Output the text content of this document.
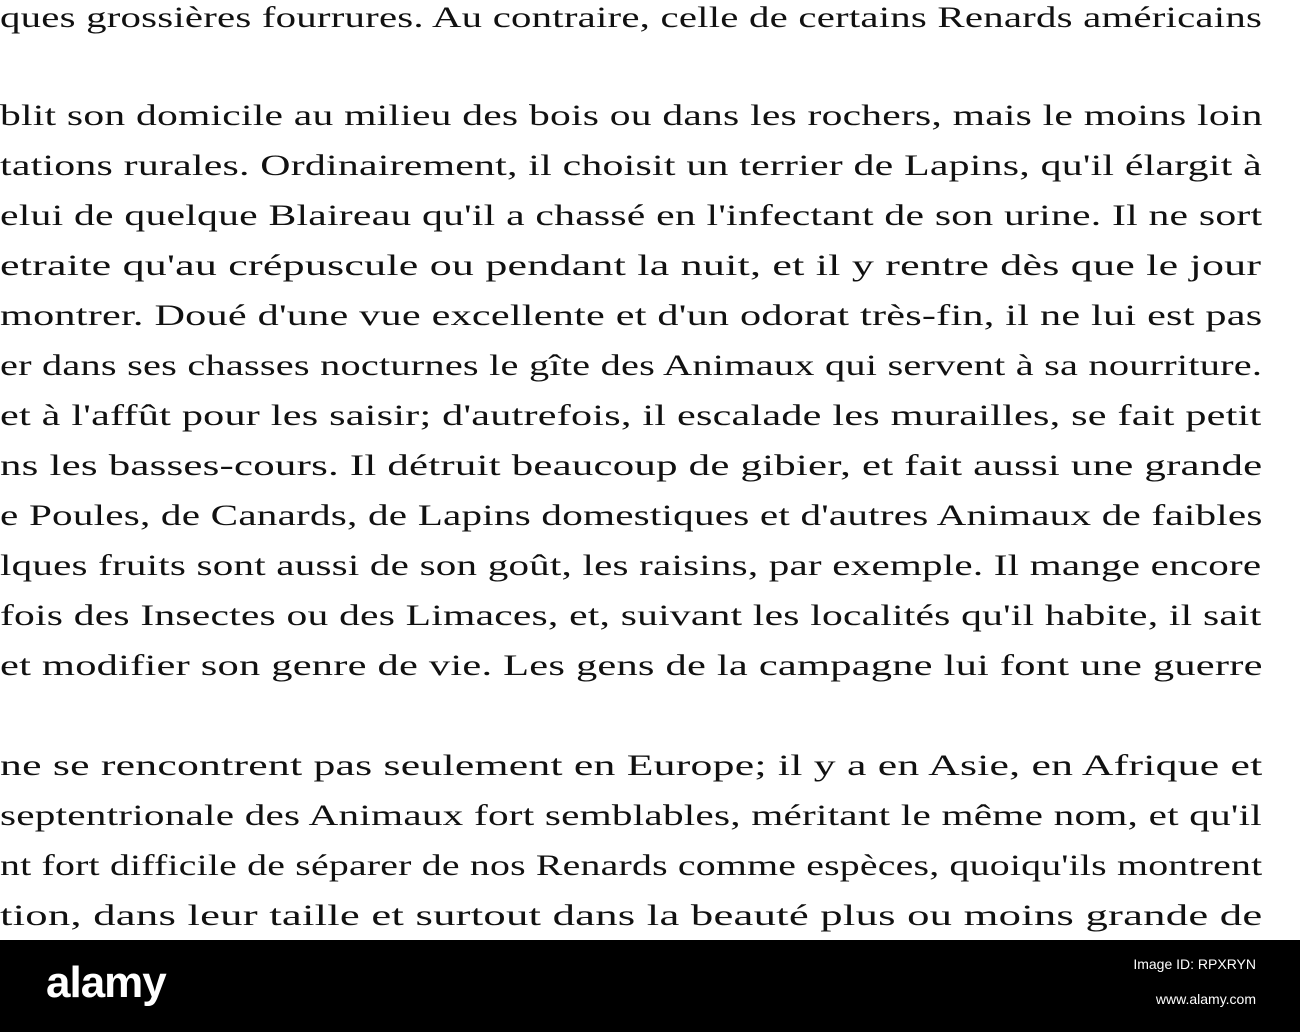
ques grossières fourrures. Au contraire, celle de certains Renards américains
blit son domicile au milieu des bois ou dans les rochers, mais le moins loin
tations rurales. Ordinairement, il choisit un terrier de Lapins, qu'il élargit à
elui de quelque Blaireau qu'il a chassé en l'infectant de son urine. Il ne sort
etraite qu'au crépuscule ou pendant la nuit, et il y rentre dès que le jour
montrer. Doué d'une vue excellente et d'un odorat très-fin, il ne lui est pas
er dans ses chasses nocturnes le gîte des Animaux qui servent à sa nourriture.
et à l'affût pour les saisir; d'autrefois, il escalade les murailles, se fait petit
ns les basses-cours. Il détruit beaucoup de gibier, et fait aussi une grande
e Poules, de Canards, de Lapins domestiques et d'autres Animaux de faibles
lques fruits sont aussi de son goût, les raisins, par exemple. Il mange encore
fois des Insectes ou des Limaces, et, suivant les localités qu'il habite, il sait
et modifier son genre de vie. Les gens de la campagne lui font une guerre
ne se rencontrent pas seulement en Europe; il y a en Asie, en Afrique et
septentrionale des Animaux fort semblables, méritant le même nom, et qu'il
nt fort difficile de séparer de nos Renards comme espèces, quoiqu'ils montrent
tion, dans leur taille et surtout dans la beauté plus ou moins grande de
alamy	Image ID: RPXRYN
www.alamy.com
